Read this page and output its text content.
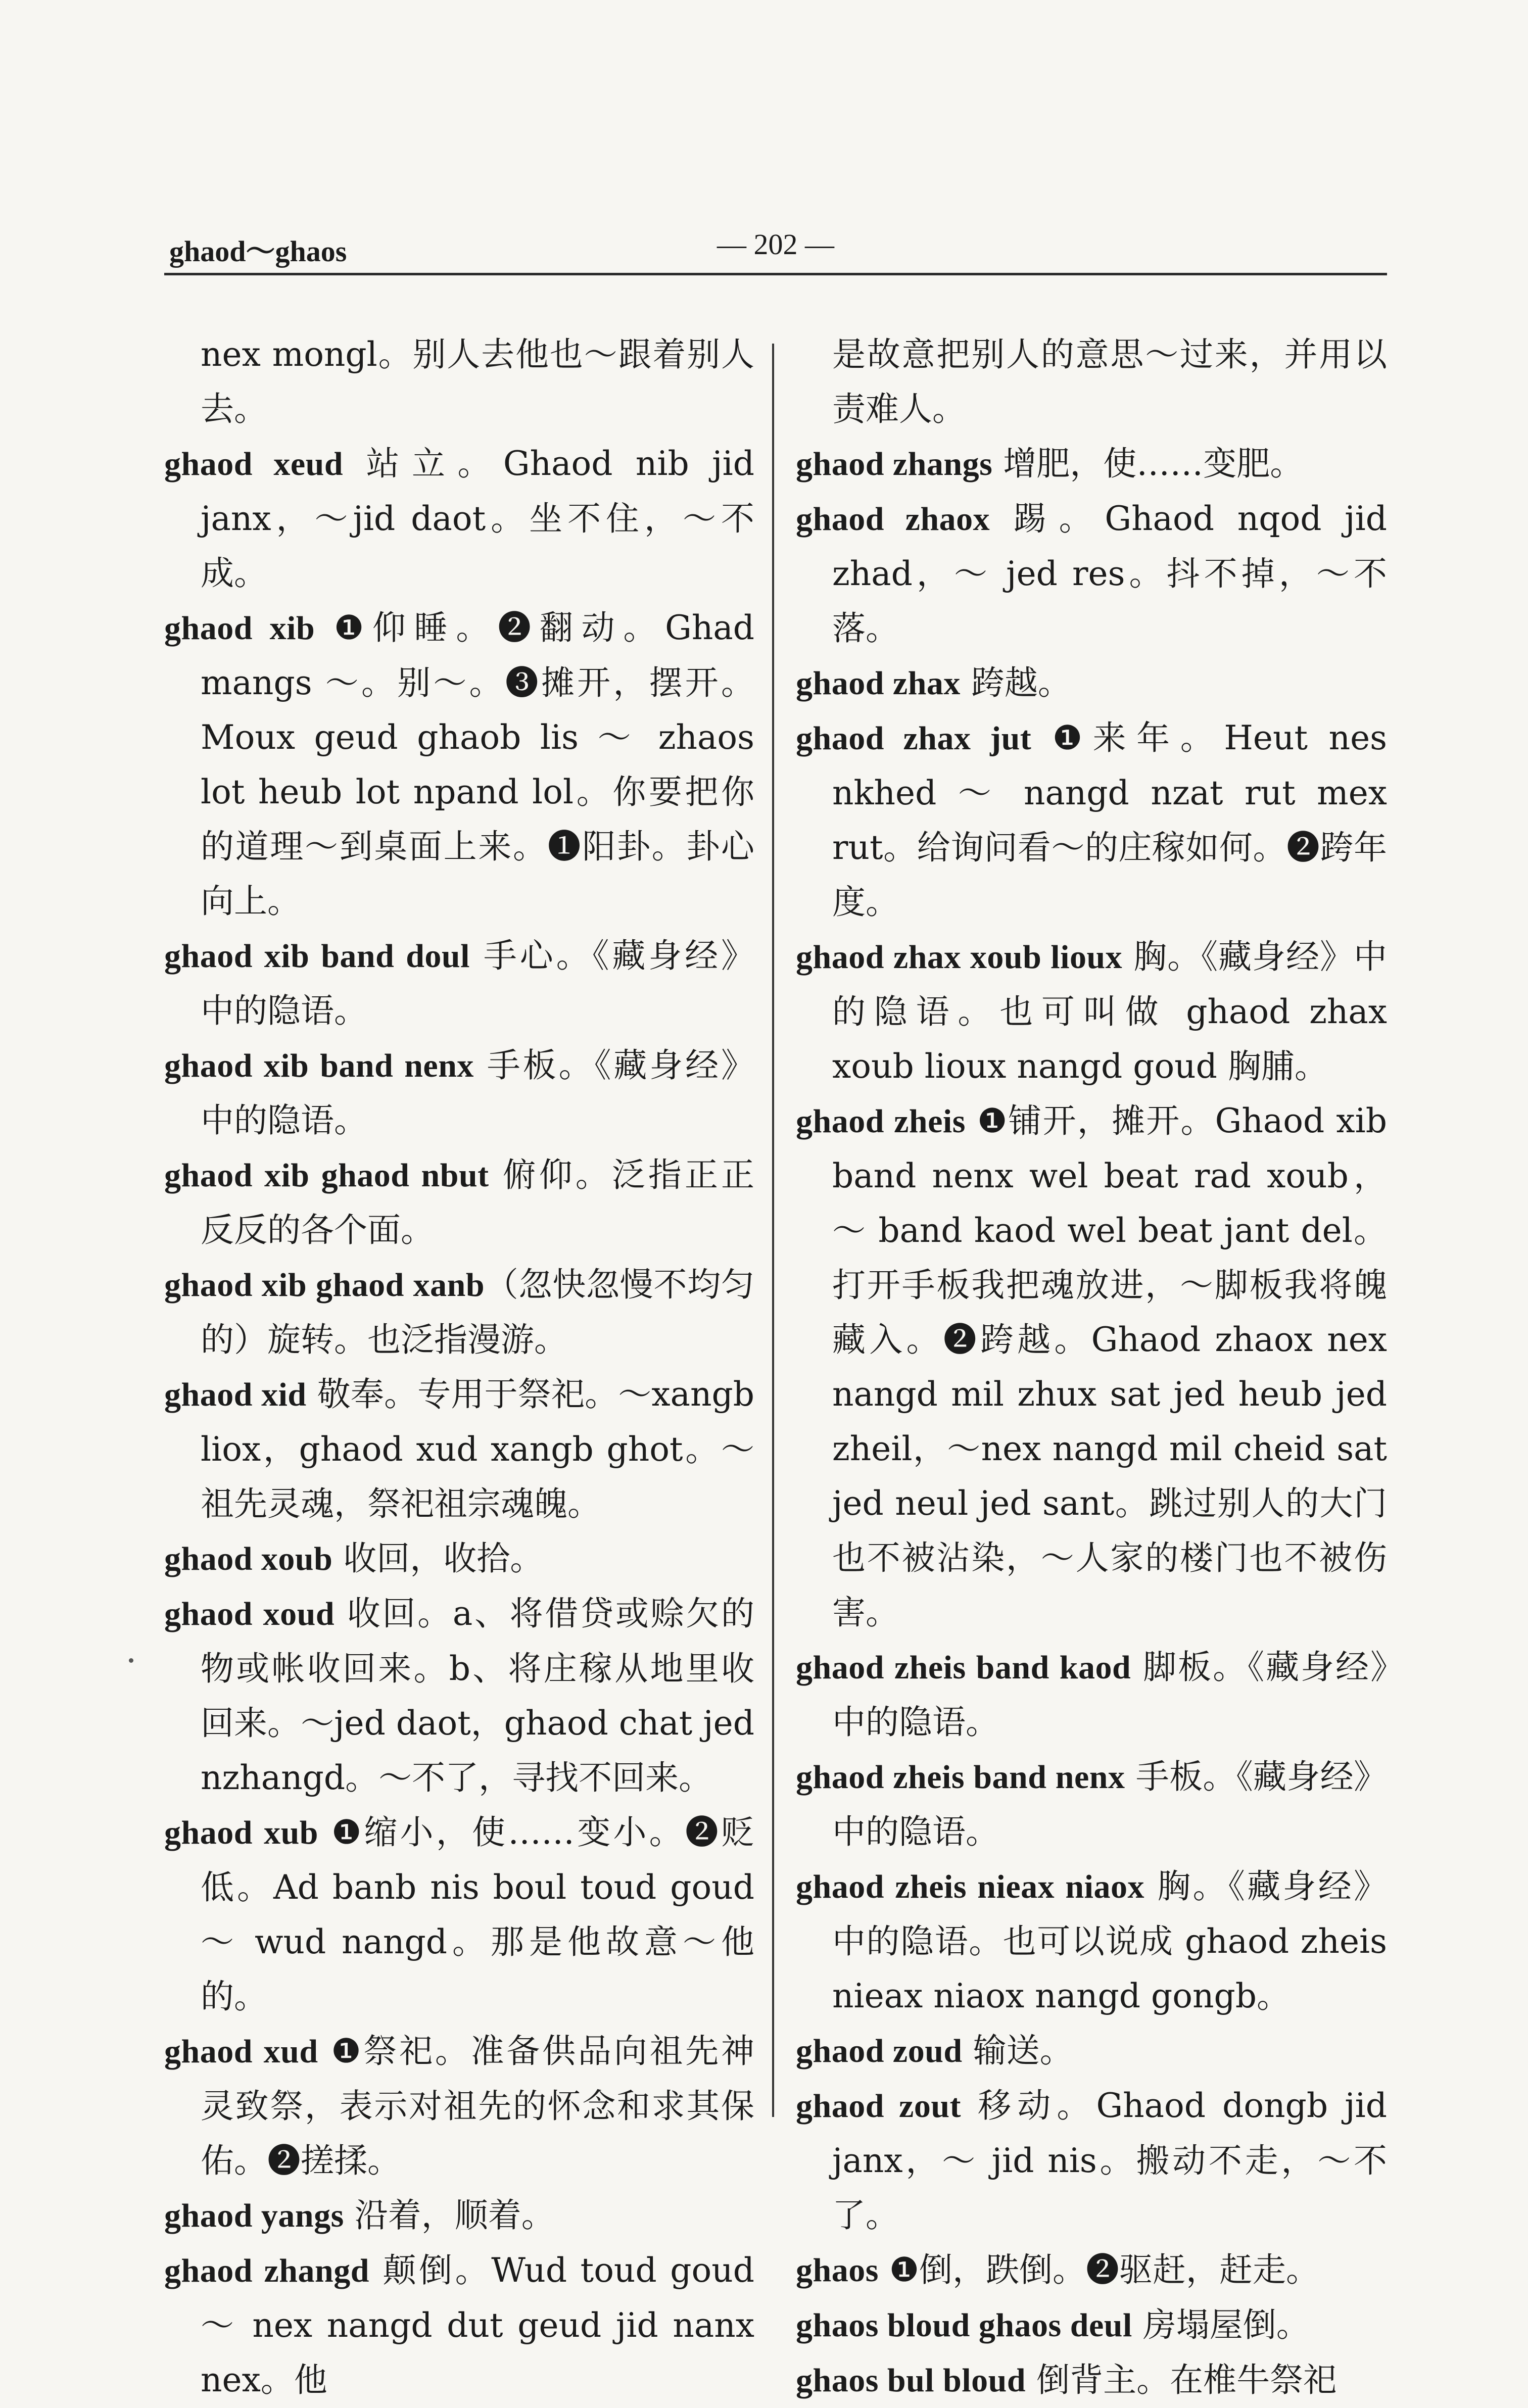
ghaod～ghaos	— 202 —

nex mongl。别人去他也～跟着别人去。

ghaod xeud 站立。Ghaod nib jid janx，～jid daot。坐不住，～不成。

ghaod xib ❶仰睡。❷翻动。Ghad mangs ～。别～。❸摊开，摆开。Moux geud ghaob lis ～ zhaos lot heub lot npand lol。你要把你的道理～到桌面上来。❶阳卦。卦心向上。

ghaod xib band doul 手心。《藏身经》中的隐语。

ghaod xib band nenx 手板。《藏身经》中的隐语。

ghaod xib ghaod nbut 俯仰。泛指正正反反的各个面。

ghaod xib ghaod xanb（忽快忽慢不均匀的）旋转。也泛指漫游。

ghaod xid 敬奉。专用于祭祀。～xangb liox，ghaod xud xangb ghot。～祖先灵魂，祭祀祖宗魂魄。

ghaod xoub 收回，收拾。

ghaod xoud 收回。a、将借贷或赊欠的物或帐收回来。b、将庄稼从地里收回来。～jed daot，ghaod chat jed nzhangd。～不了，寻找不回来。

ghaod xub ❶缩小，使……变小。❷贬低。Ad banb nis boul toud goud ～ wud nangd。那是他故意～他的。

ghaod xud ❶祭祀。准备供品向祖先神灵致祭，表示对祖先的怀念和求其保佑。❷搓揉。

ghaod yangs 沿着，顺着。

ghaod zhangd 颠倒。Wud toud goud ～ nex nangd dut geud jid nanx nex。他

是故意把别人的意思～过来，并用以责难人。

ghaod zhangs 增肥，使……变肥。

ghaod zhaox 踢。Ghaod nqod jid zhad，～ jed res。抖不掉，～不落。

ghaod zhax 跨越。

ghaod zhax jut ❶来年。Heut nes nkhed ～ nangd nzat rut mex rut。给询问看～的庄稼如何。❷跨年度。

ghaod zhax xoub lioux 胸。《藏身经》中的隐语。也可叫做 ghaod zhax xoub lioux nangd goud 胸脯。

ghaod zheis ❶铺开，摊开。Ghaod xib band nenx wel beat rad xoub，～ band kaod wel beat jant del。打开手板我把魂放进，～脚板我将魄藏入。❷跨越。Ghaod zhaox nex nangd mil zhux sat jed heub jed zheil，～nex nangd mil cheid sat jed neul jed sant。跳过别人的大门也不被沾染，～人家的楼门也不被伤害。

ghaod zheis band kaod 脚板。《藏身经》中的隐语。

ghaod zheis band nenx 手板。《藏身经》中的隐语。

ghaod zheis nieax niaox 胸。《藏身经》中的隐语。也可以说成 ghaod zheis nieax niaox nangd gongb。

ghaod zoud 输送。

ghaod zout 移动。Ghaod dongb jid janx，～ jid nis。搬动不走，～不了。

ghaos ❶倒，跌倒。❷驱赶，赶走。

ghaos bloud ghaos deul 房塌屋倒。

ghaos bul bloud 倒背主。在椎牛祭祀
